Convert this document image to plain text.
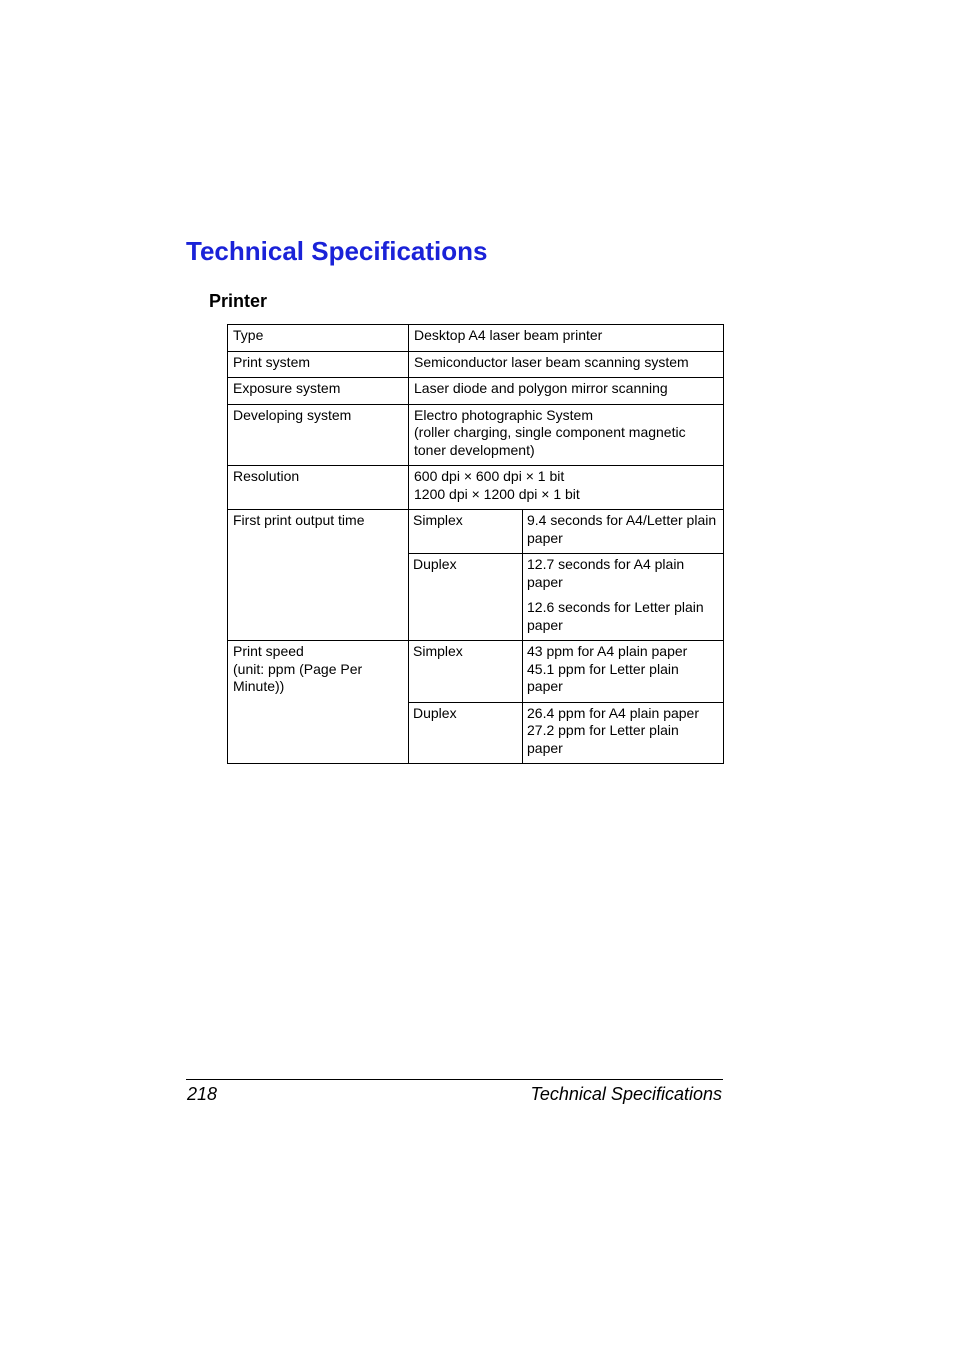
Technical Specifications
Printer
Type	Desktop A4 laser beam printer	
Print system	Semiconductor laser beam scanning system	
Exposure system	Laser diode and polygon mirror scanning	
Developing system	Electro photographic System
(roller charging, single component magnetic
toner development)	

Resolution	600 dpi × 600 dpi × 1 bit
1200 dpi × 1200 dpi × 1 bit	

First print output time	Simplex	9.4 seconds for A4/Letter plain
paper

	Duplex	12.7 seconds for A4 plain
paper
12.6 seconds for Letter plain
paper

Print speed
(unit: ppm (Page Per
Minute))	Simplex	43 ppm for A4 plain paper
45.1 ppm for Letter plain
paper

	Duplex	26.4 ppm for A4 plain paper
27.2 ppm for Letter plain
paper
218	Technical Specifications
